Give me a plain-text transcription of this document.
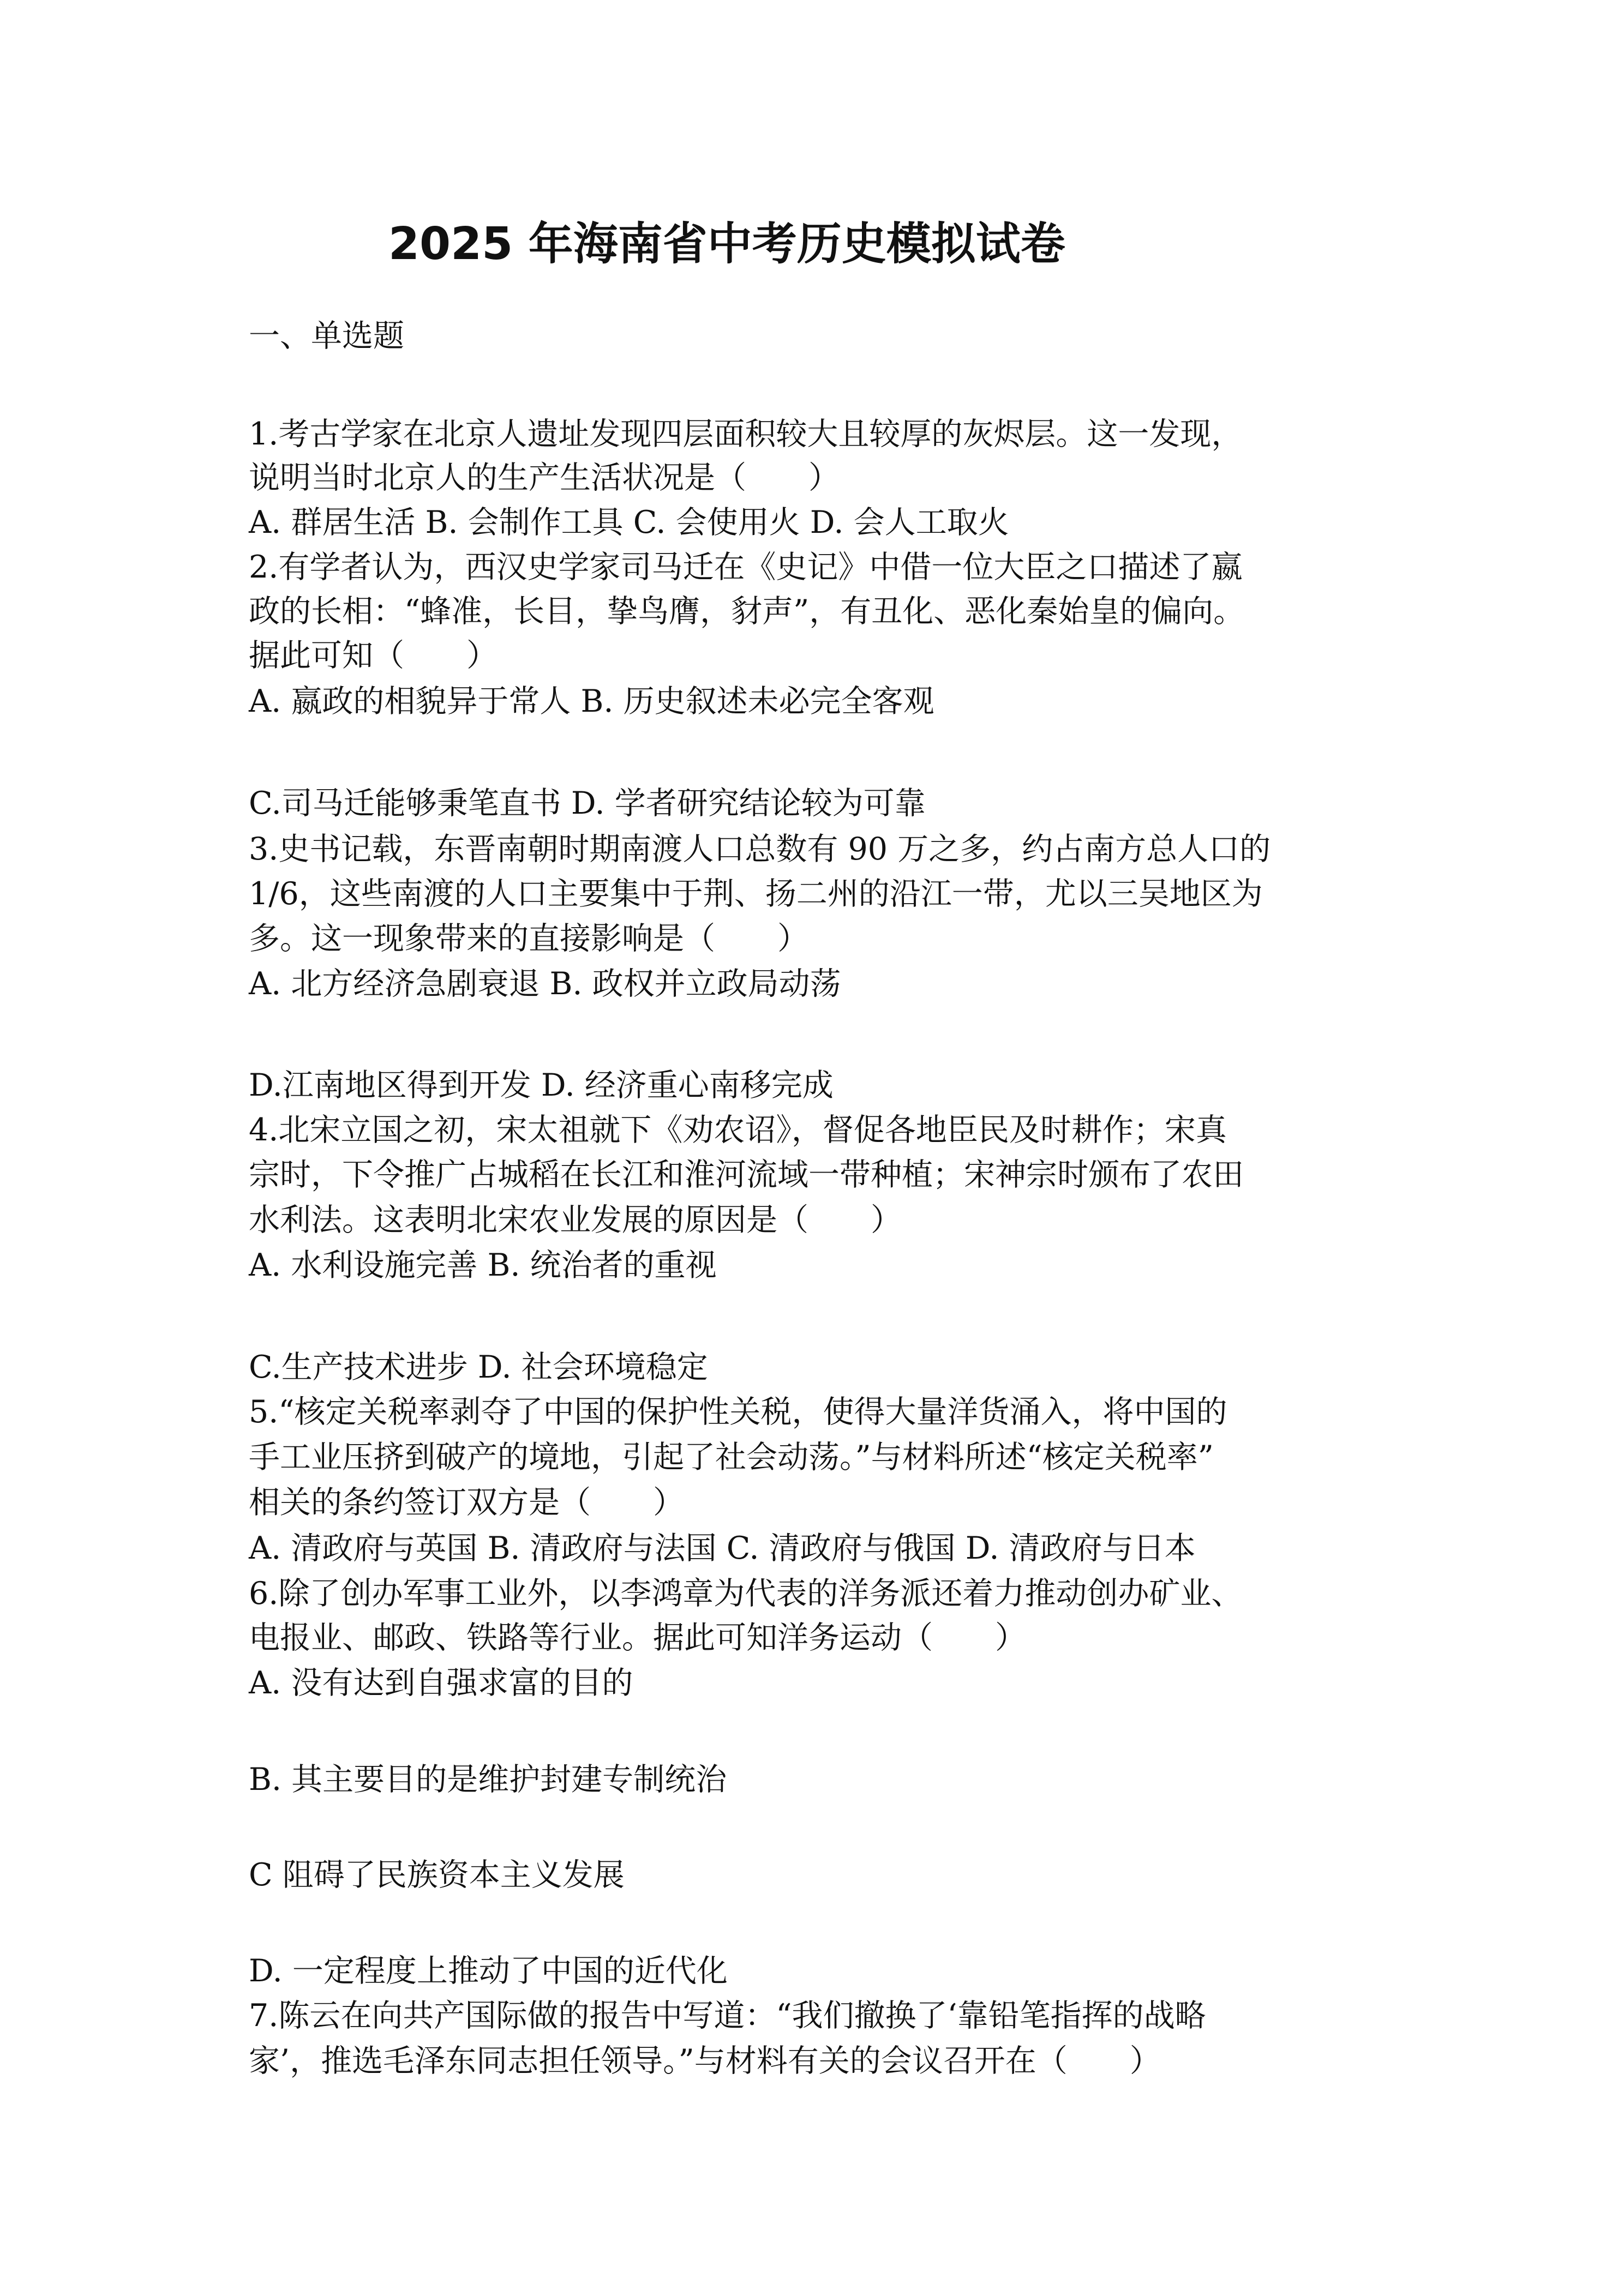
2025 年海南省中考历史模拟试卷
一、单选题
1.考古学家在北京人遗址发现四层面积较大且较厚的灰烬层。这一发现，
说明当时北京人的生产生活状况是（　　）
A. 群居生活 B. 会制作工具 C. 会使用火 D. 会人工取火
2.有学者认为，西汉史学家司马迁在《史记》中借一位大臣之口描述了嬴
政的长相：“蜂准，长目，挚鸟膺，豺声”，有丑化、恶化秦始皇的偏向。
据此可知（　　）
A. 嬴政的相貌异于常人 B. 历史叙述未必完全客观
C.司马迁能够秉笔直书 D. 学者研究结论较为可靠
3.史书记载，东晋南朝时期南渡人口总数有 90 万之多，约占南方总人口的
1/6，这些南渡的人口主要集中于荆、扬二州的沿江一带，尤以三吴地区为
多。这一现象带来的直接影响是（　　）
A. 北方经济急剧衰退 B. 政权并立政局动荡
D.江南地区得到开发 D. 经济重心南移完成
4.北宋立国之初，宋太祖就下《劝农诏》，督促各地臣民及时耕作；宋真
宗时，下令推广占城稻在长江和淮河流域一带种植；宋神宗时颁布了农田
水利法。这表明北宋农业发展的原因是（　　）
A. 水利设施完善 B. 统治者的重视
C.生产技术进步 D. 社会环境稳定
5.“核定关税率剥夺了中国的保护性关税，使得大量洋货涌入，将中国的
手工业压挤到破产的境地，引起了社会动荡。”与材料所述“核定关税率”
相关的条约签订双方是（　　）
A. 清政府与英国 B. 清政府与法国 C. 清政府与俄国 D. 清政府与日本
6.除了创办军事工业外，以李鸿章为代表的洋务派还着力推动创办矿业、
电报业、邮政、铁路等行业。据此可知洋务运动（　　）
A. 没有达到自强求富的目的
B. 其主要目的是维护封建专制统治
C 阻碍了民族资本主义发展
D. 一定程度上推动了中国的近代化
7.陈云在向共产国际做的报告中写道：“我们撤换了‘靠铅笔指挥的战略
家’，推选毛泽东同志担任领导。”与材料有关的会议召开在（　　）
